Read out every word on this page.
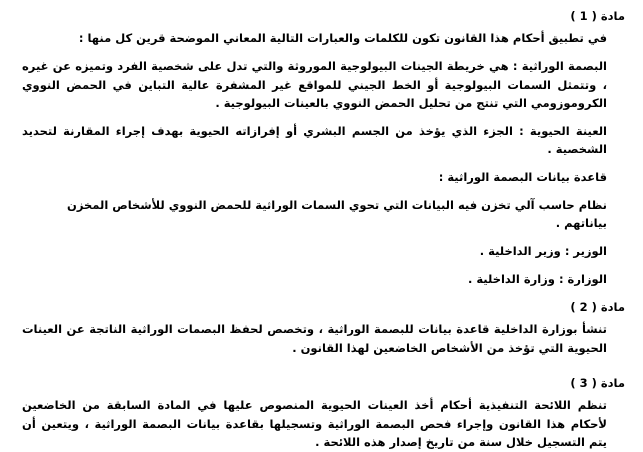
مادة ( 1 )
في تطبيق أحكام هذا القانون تكون للكلمات والعبارات التالية المعاني الموضحة قرين كل منها :
البصمة الوراثية : هي خريطة الجينات البيولوجية الموروثة والتي تدل على شخصية الفرد وتميزه عن غيره ، وتتمثل السمات البيولوجية أو الخط الجيني للمواقع غير المشفرة عالية التباين في الحمض النووي الكروموزومي التي تنتج من تحليل الحمض النووي بالعينات البيولوجية .
العينة الحيوية : الجزء الذي يؤخذ من الجسم البشري أو إفرازاته الحيوية بهدف إجراء المقارنة لتحديد الشخصية .
قاعدة بيانات البصمة الوراثية :
نظام حاسب آلي تخزن فيه البيانات التي تحوي السمات الوراثية للحمض النووي للأشخاص المخزن بياناتهم .
الوزير : وزير الداخلية .
الوزارة : وزارة الداخلية .
مادة ( 2 )
تنشأ بوزارة الداخلية قاعدة بيانات للبصمة الوراثية ، وتخصص لحفظ البصمات الوراثية الناتجة عن العينات الحيوية التي تؤخذ من الأشخاص الخاضعين لهذا القانون .
مادة ( 3 )
تنظم اللائحة التنفيذية أحكام أخذ العينات الحيوية المنصوص عليها في المادة السابقة من الخاضعين لأحكام هذا القانون وإجراء فحص البصمة الوراثية وتسجيلها بقاعدة بيانات البصمة الوراثية ، ويتعين أن يتم التسجيل خلال سنة من تاريخ إصدار هذه اللائحة .
